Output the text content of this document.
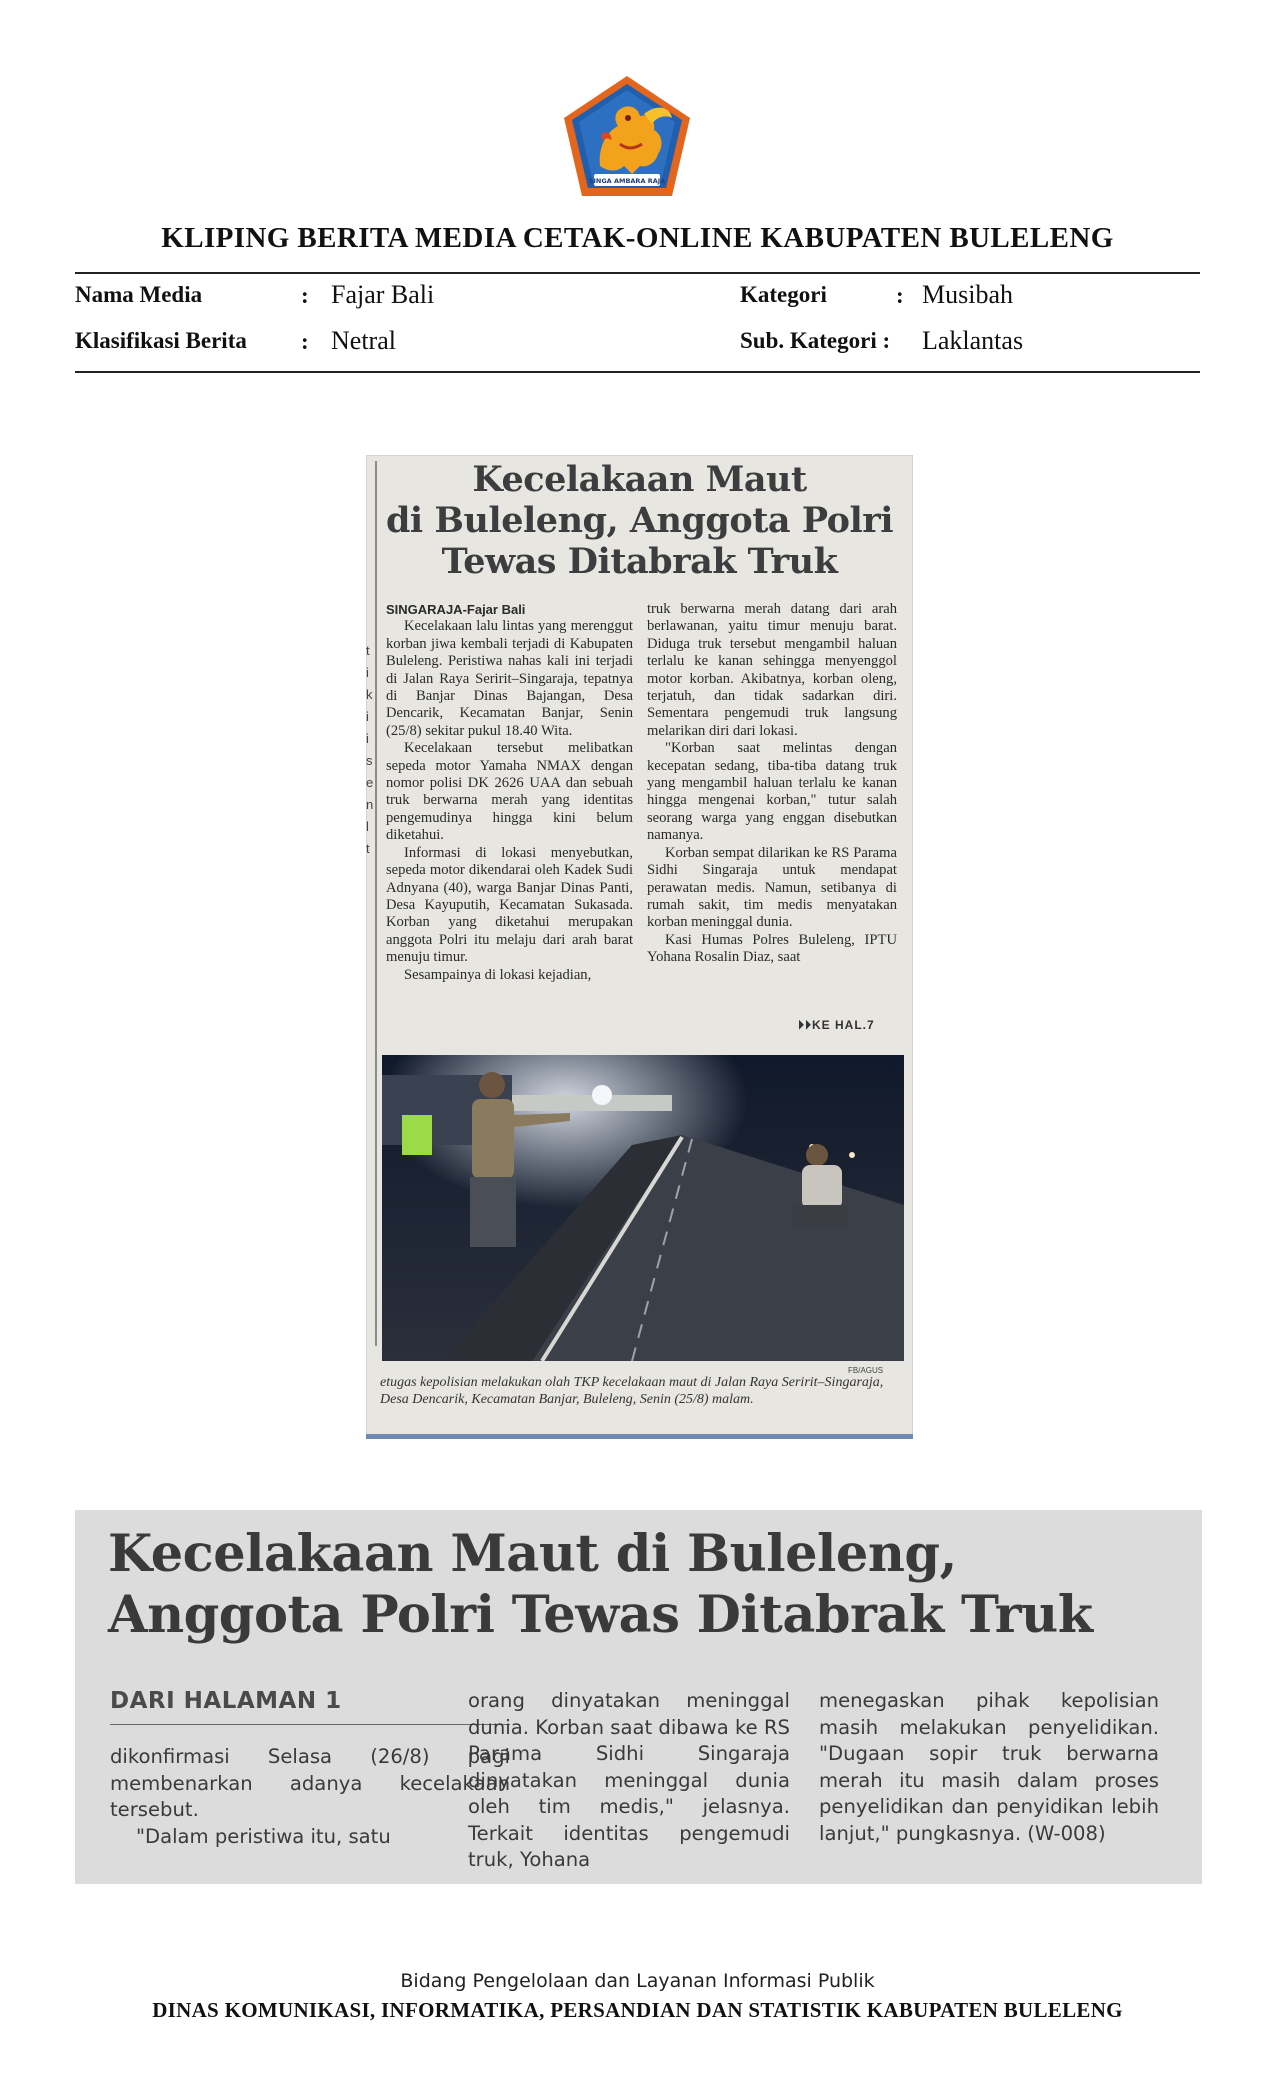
SINGA AMBARA RAJA
KLIPING BERITA MEDIA CETAK-ONLINE KABUPATEN BULELENG
Nama Media	: Fajar Bali	Kategori	: Musibah
Klasifikasi Berita : Netral	Sub. Kategori : Laklantas
t
i
k
i
i
s
e
n
l
t
Kecelakaan Maut
di Buleleng, Anggota Polri
Tewas Ditabrak Truk

SINGARAJA-Fajar Bali

Kecelakaan lalu lintas yang merenggut korban jiwa kembali terjadi di Kabupaten Buleleng. Peristiwa nahas kali ini terjadi di Jalan Raya Seririt–Singaraja, tepatnya di Banjar Dinas Bajangan, Desa Dencarik, Kecamatan Banjar, Senin (25/8) sekitar pukul 18.40 Wita.

Kecelakaan tersebut melibatkan sepeda motor Yamaha NMAX dengan nomor polisi DK 2626 UAA dan sebuah truk berwarna merah yang identitas pengemudinya hingga kini belum diketahui.

Informasi di lokasi menyebutkan, sepeda motor dikendarai oleh Kadek Sudi Adnyana (40), warga Banjar Dinas Panti, Desa Kayuputih, Kecamatan Sukasada. Korban yang diketahui merupakan anggota Polri itu melaju dari arah barat menuju timur.

Sesampainya di lokasi kejadian,

truk berwarna merah datang dari arah berlawanan, yaitu timur menuju barat. Diduga truk tersebut mengambil haluan terlalu ke kanan sehingga menyenggol motor korban. Akibatnya, korban oleng, terjatuh, dan tidak sadarkan diri. Sementara pengemudi truk langsung melarikan diri dari lokasi.

"Korban saat melintas dengan kecepatan sedang, tiba-tiba datang truk yang mengambil haluan terlalu ke kanan hingga mengenai korban," tutur salah seorang warga yang enggan disebutkan namanya.

Korban sempat dilarikan ke RS Parama Sidhi Singaraja untuk mendapat perawatan medis. Namun, setibanya di rumah sakit, tim medis menyatakan korban meninggal dunia.

Kasi Humas Polres Buleleng, IPTU Yohana Rosalin Diaz, saat

⏵⏵KE HAL.7
FB/AGUS
etugas kepolisian melakukan olah TKP kecelakaan maut di Jalan Raya Seririt–Singaraja, Desa Dencarik, Kecamatan Banjar, Buleleng, Senin (25/8) malam.
Kecelakaan Maut di Buleleng,
Anggota Polri Tewas Ditabrak Truk
DARI HALAMAN 1

dikonfirmasi Selasa (26/8) pagi membenarkan adanya kecelakaan tersebut.

"Dalam peristiwa itu, satu

orang dinyatakan meninggal dunia. Korban saat dibawa ke RS Parama Sidhi Singaraja dinyatakan meninggal dunia oleh tim medis," jelasnya. Terkait identitas pengemudi truk, Yohana

menegaskan pihak kepolisian masih melakukan penyelidikan. "Dugaan sopir truk berwarna merah itu masih dalam proses penyelidikan dan penyidikan lebih lanjut," pungkasnya. (W-008)

Bidang Pengelolaan dan Layanan Informasi Publik
DINAS KOMUNIKASI, INFORMATIKA, PERSANDIAN DAN STATISTIK KABUPATEN BULELENG
